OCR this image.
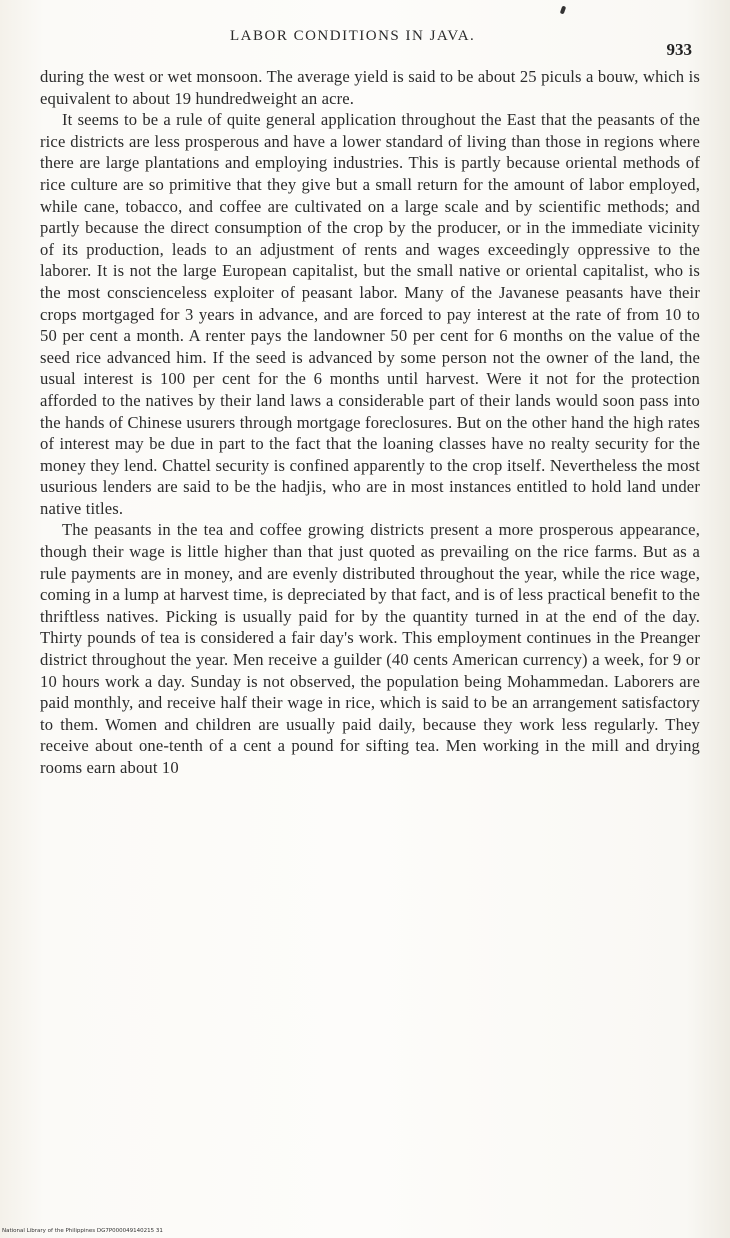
LABOR CONDITIONS IN JAVA.
933

during the west or wet monsoon. The average yield is said to be about 25 piculs a bouw, which is equivalent to about 19 hundredweight an acre.

It seems to be a rule of quite general application throughout the East that the peasants of the rice districts are less prosperous and have a lower standard of living than those in regions where there are large plantations and employing industries. This is partly because oriental methods of rice culture are so primitive that they give but a small return for the amount of labor employed, while cane, tobacco, and coffee are cultivated on a large scale and by scientific methods; and partly because the direct consumption of the crop by the producer, or in the immediate vicinity of its production, leads to an adjustment of rents and wages exceedingly oppressive to the laborer. It is not the large European capitalist, but the small native or oriental capitalist, who is the most conscienceless exploiter of peasant labor. Many of the Javanese peasants have their crops mortgaged for 3 years in advance, and are forced to pay interest at the rate of from 10 to 50 per cent a month. A renter pays the landowner 50 per cent for 6 months on the value of the seed rice advanced him. If the seed is advanced by some person not the owner of the land, the usual interest is 100 per cent for the 6 months until harvest. Were it not for the protection afforded to the natives by their land laws a considerable part of their lands would soon pass into the hands of Chinese usurers through mortgage foreclosures. But on the other hand the high rates of interest may be due in part to the fact that the loaning classes have no realty security for the money they lend. Chattel security is confined apparently to the crop itself. Nevertheless the most usurious lenders are said to be the hadjis, who are in most instances entitled to hold land under native titles.

The peasants in the tea and coffee growing districts present a more prosperous appearance, though their wage is little higher than that just quoted as prevailing on the rice farms. But as a rule payments are in money, and are evenly distributed throughout the year, while the rice wage, coming in a lump at harvest time, is depreciated by that fact, and is of less practical benefit to the thriftless natives. Picking is usually paid for by the quantity turned in at the end of the day. Thirty pounds of tea is considered a fair day's work. This employment continues in the Preanger district throughout the year. Men receive a guilder (40 cents American currency) a week, for 9 or 10 hours work a day. Sunday is not observed, the population being Mohammedan. Laborers are paid monthly, and receive half their wage in rice, which is said to be an arrangement satisfactory to them. Women and children are usually paid daily, because they work less regularly. They receive about one-tenth of a cent a pound for sifting tea. Men working in the mill and drying rooms earn about 10

National Library of the Philippines DG7P000049140215 31
